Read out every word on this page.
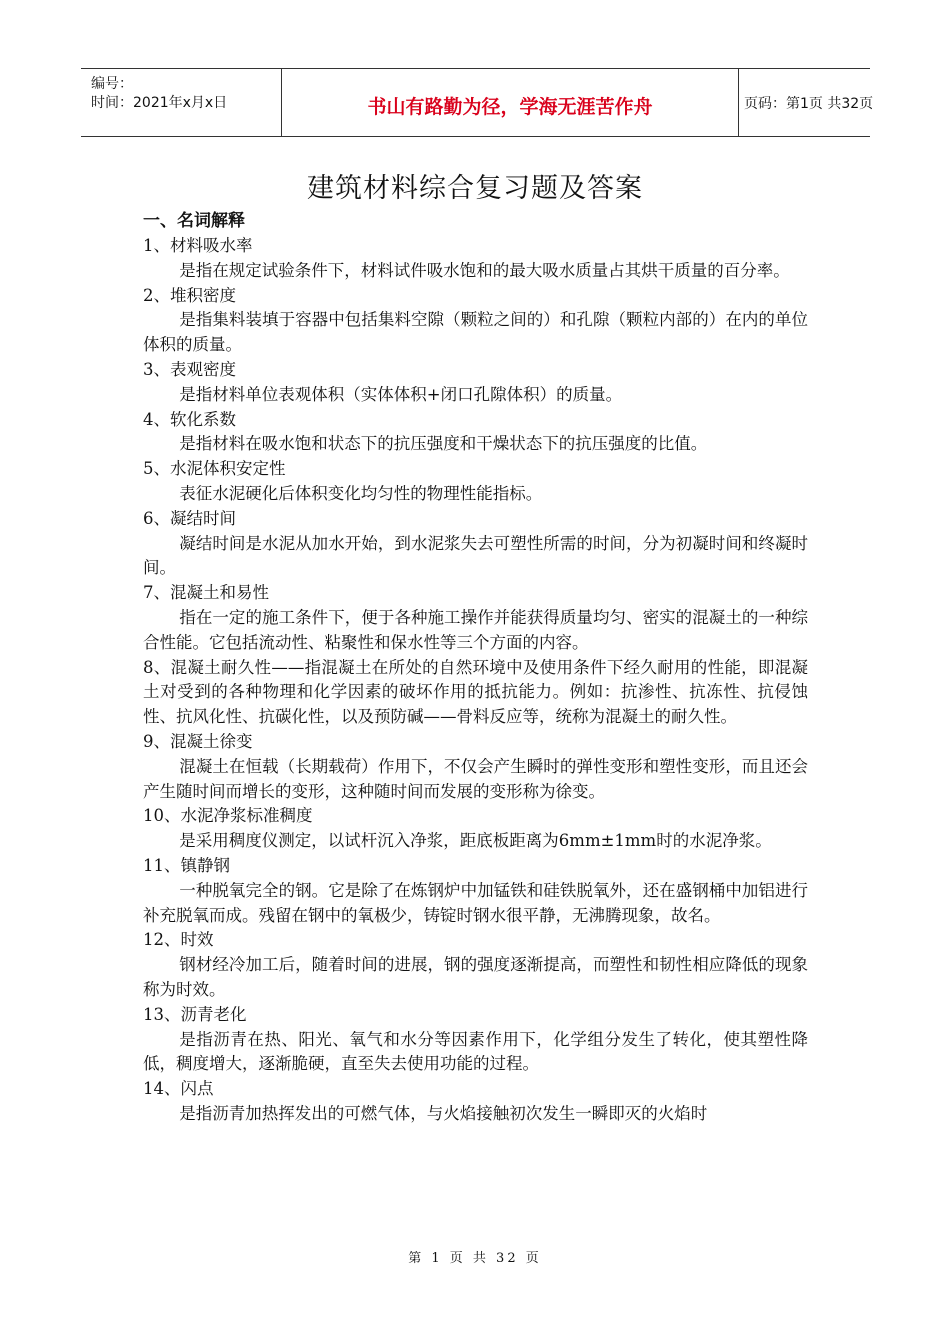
编号：
时间：2021年x月x日	书山有路勤为径，学海无涯苦作舟	页码：第1页 共32页
建筑材料综合复习题及答案
一、名词解释
1、材料吸水率
是指在规定试验条件下，材料试件吸水饱和的最大吸水质量占其烘干质量的百分率。
2、堆积密度
是指集料装填于容器中包括集料空隙（颗粒之间的）和孔隙（颗粒内部的）在内的单位体积的质量。
3、表观密度
是指材料单位表观体积（实体体积+闭口孔隙体积）的质量。
4、软化系数
是指材料在吸水饱和状态下的抗压强度和干燥状态下的抗压强度的比值。
5、水泥体积安定性
表征水泥硬化后体积变化均匀性的物理性能指标。
6、凝结时间
凝结时间是水泥从加水开始，到水泥浆失去可塑性所需的时间，分为初凝时间和终凝时间。
7、混凝土和易性
指在一定的施工条件下，便于各种施工操作并能获得质量均匀、密实的混凝土的一种综合性能。它包括流动性、粘聚性和保水性等三个方面的内容。
8、混凝土耐久性——指混凝土在所处的自然环境中及使用条件下经久耐用的性能，即混凝土对受到的各种物理和化学因素的破坏作用的抵抗能力。例如：抗渗性、抗冻性、抗侵蚀性、抗风化性、抗碳化性，以及预防碱——骨料反应等，统称为混凝土的耐久性。
9、混凝土徐变
混凝土在恒载（长期载荷）作用下，不仅会产生瞬时的弹性变形和塑性变形，而且还会产生随时间而增长的变形，这种随时间而发展的变形称为徐变。
10、水泥净浆标准稠度
是采用稠度仪测定，以试杆沉入净浆，距底板距离为6mm±1mm时的水泥净浆。
11、镇静钢
一种脱氧完全的钢。它是除了在炼钢炉中加锰铁和硅铁脱氧外，还在盛钢桶中加铝进行补充脱氧而成。残留在钢中的氧极少，铸锭时钢水很平静，无沸腾现象，故名。
12、时效
钢材经冷加工后，随着时间的进展，钢的强度逐渐提高，而塑性和韧性相应降低的现象称为时效。
13、沥青老化
是指沥青在热、阳光、氧气和水分等因素作用下，化学组分发生了转化，使其塑性降低，稠度增大，逐渐脆硬，直至失去使用功能的过程。
14、闪点
是指沥青加热挥发出的可燃气体，与火焰接触初次发生一瞬即灭的火焰时
第 1 页 共 32 页
